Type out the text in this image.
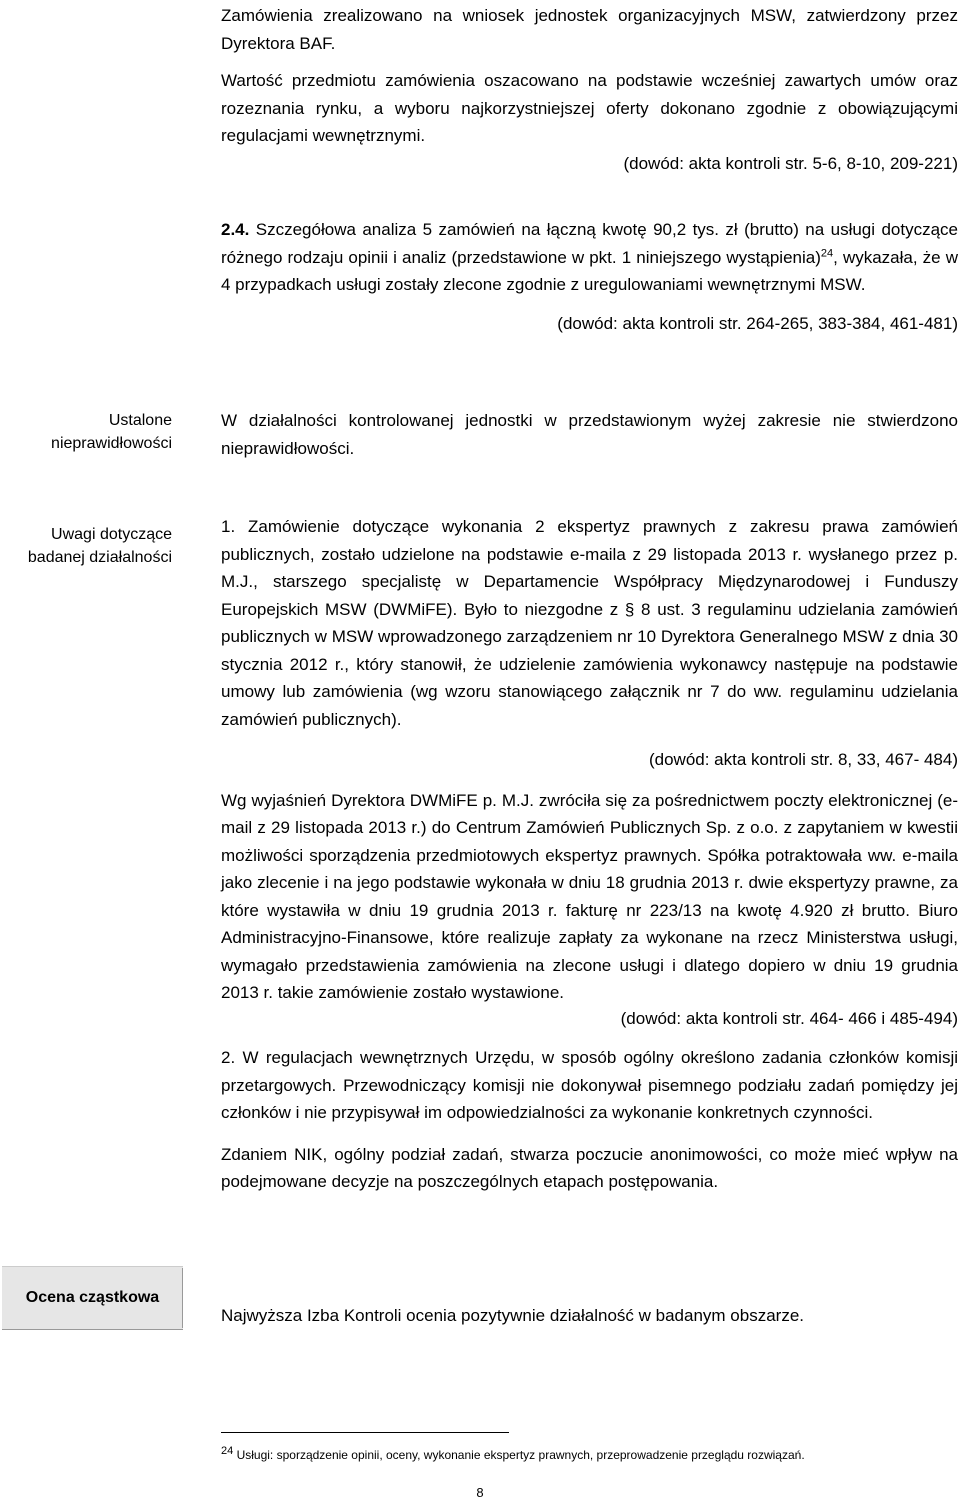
Zamówienia zrealizowano na wniosek jednostek organizacyjnych MSW, zatwierdzony przez Dyrektora BAF.

Wartość przedmiotu zamówienia oszacowano na podstawie wcześniej zawartych umów oraz rozeznania rynku, a wyboru najkorzystniejszej oferty dokonano zgodnie z obowiązującymi regulacjami wewnętrznymi.

(dowód: akta kontroli str. 5-6, 8-10, 209-221)

2.4. Szczegółowa analiza 5 zamówień na łączną kwotę 90,2 tys. zł (brutto) na usługi dotyczące różnego rodzaju opinii i analiz (przedstawione w pkt. 1 niniejszego wystąpienia)$^{24}$, wykazała, że w 4 przypadkach usługi zostały zlecone zgodnie z uregulowaniami wewnętrznymi MSW.

(dowód: akta kontroli str. 264-265, 383-384, 461-481)

Ustalone
nieprawidłowości

W działalności kontrolowanej jednostki w przedstawionym wyżej zakresie nie stwierdzono nieprawidłowości.

Uwagi dotyczące
badanej działalności

1. Zamówienie dotyczące wykonania 2 ekspertyz prawnych z zakresu prawa zamówień publicznych, zostało udzielone na podstawie e-maila z 29 listopada 2013 r. wysłanego przez p. M.J., starszego specjalistę w Departamencie Współpracy Międzynarodowej i Funduszy Europejskich MSW (DWMiFE). Było to niezgodne z § 8 ust. 3 regulaminu udzielania zamówień publicznych w MSW wprowadzonego zarządzeniem nr 10 Dyrektora Generalnego MSW z dnia 30 stycznia 2012 r., który stanowił, że udzielenie zamówienia wykonawcy następuje na podstawie umowy lub zamówienia (wg wzoru stanowiącego załącznik nr 7 do ww. regulaminu udzielania zamówień publicznych).

(dowód: akta kontroli str. 8, 33, 467- 484)

Wg wyjaśnień Dyrektora DWMiFE p. M.J. zwróciła się za pośrednictwem poczty elektronicznej (e-mail z 29 listopada 2013 r.) do Centrum Zamówień Publicznych Sp. z o.o. z zapytaniem w kwestii możliwości sporządzenia przedmiotowych ekspertyz prawnych. Spółka potraktowała ww. e-maila jako zlecenie i na jego podstawie wykonała w dniu 18 grudnia 2013 r. dwie ekspertyzy prawne, za które wystawiła w dniu 19 grudnia 2013 r. fakturę nr 223/13 na kwotę 4.920 zł brutto. Biuro Administracyjno-Finansowe, które realizuje zapłaty za wykonane na rzecz Ministerstwa usługi, wymagało przedstawienia zamówienia na zlecone usługi i dlatego dopiero w dniu 19 grudnia 2013 r. takie zamówienie zostało wystawione.

(dowód: akta kontroli str. 464- 466 i 485-494)

2. W regulacjach wewnętrznych Urzędu, w sposób ogólny określono zadania członków komisji przetargowych. Przewodniczący komisji nie dokonywał pisemnego podziału zadań pomiędzy jej członków i nie przypisywał im odpowiedzialności za wykonanie konkretnych czynności.

Zdaniem NIK, ogólny podział zadań, stwarza poczucie anonimowości, co może mieć wpływ na podejmowane decyzje na poszczególnych etapach postępowania.

Ocena cząstkowa

Najwyższa Izba Kontroli ocenia pozytywnie działalność w badanym obszarze.

$^{24}$ Usługi: sporządzenie opinii, oceny, wykonanie ekspertyz prawnych, przeprowadzenie przeglądu rozwiązań.
8
